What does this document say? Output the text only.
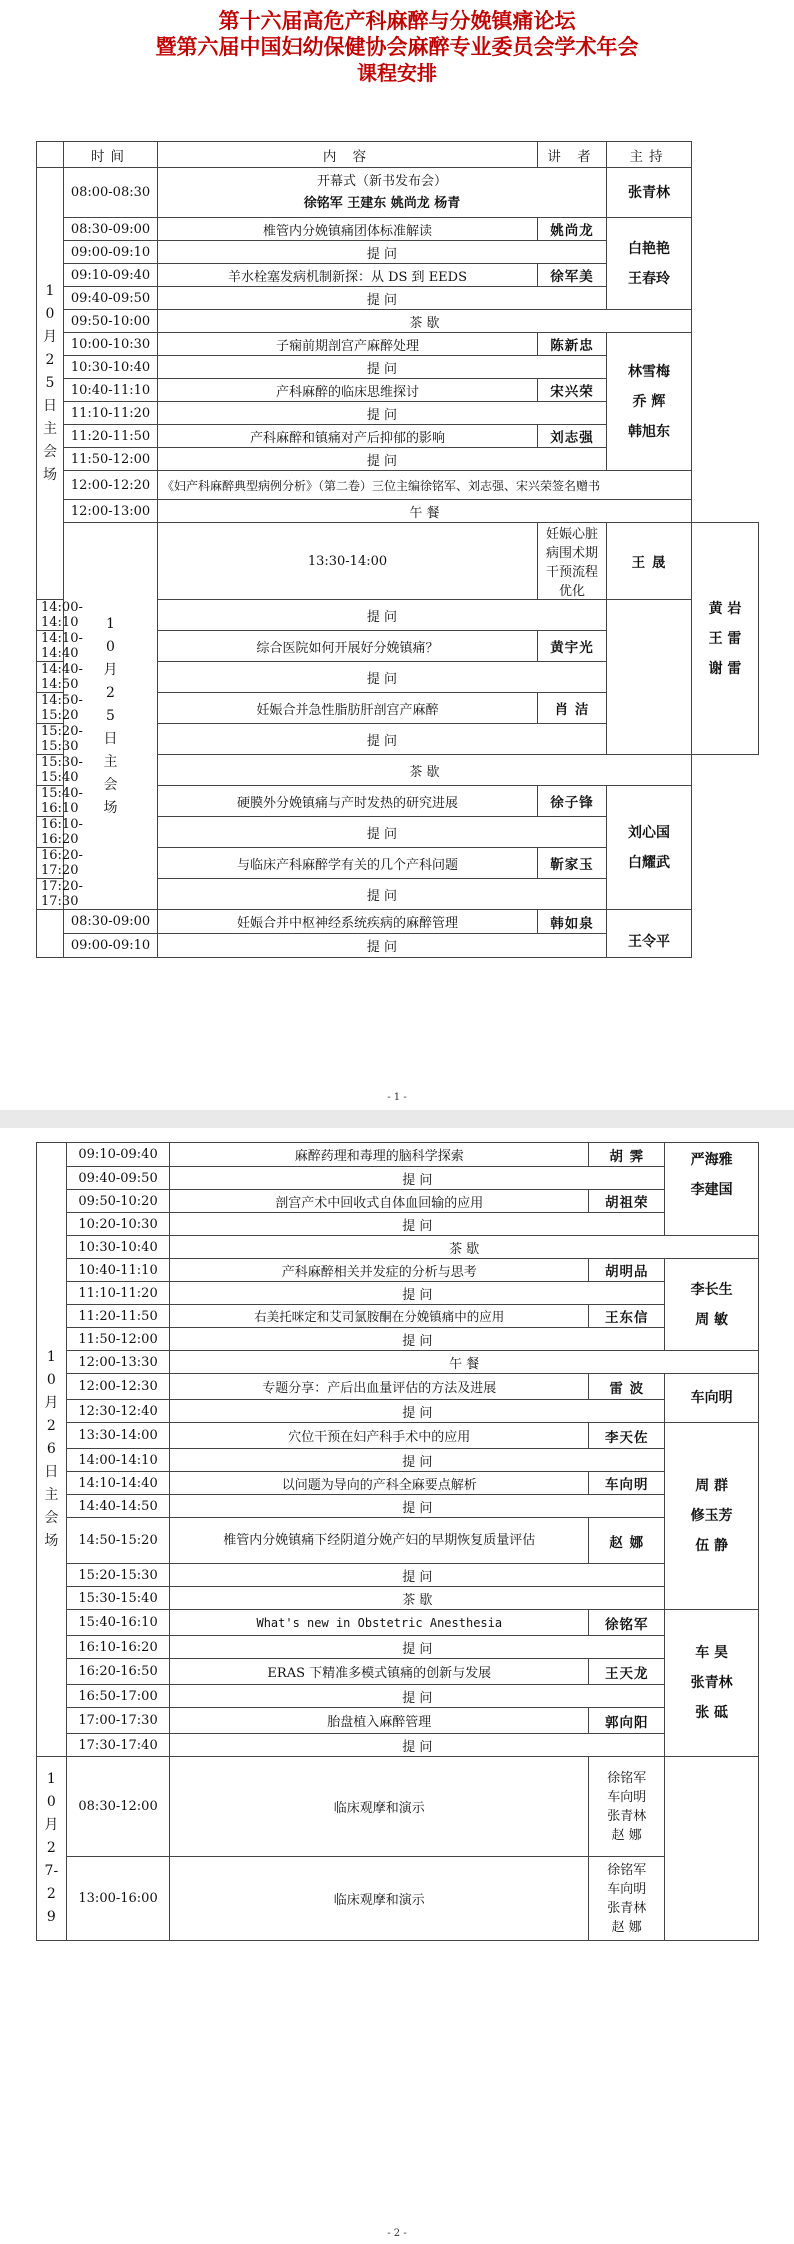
第十六届高危产科麻醉与分娩镇痛论坛
暨第六届中国妇幼保健协会麻醉专业委员会学术年会
课程安排
	时间	内 容	讲 者	主持	
10月25日主会场	08:00-08:30	开幕式（新书发布会）
徐铭军 王建东 姚尚龙 杨青		张青林	
	08:30-09:00	椎管内分娩镇痛团体标准解读	姚尚龙	白艳艳
王春玲	

	09:00-09:10	提 问			
	09:10-09:40	羊水栓塞发病机制新探：从 DS 到 EEDS	徐军美		
	09:40-09:50	提 问			
	09:50-10:00	茶 歇			
	10:00-10:30	子痫前期剖宫产麻醉处理	陈新忠	林雪梅
乔 辉
韩旭东	

	10:30-10:40	提 问			
	10:40-11:10	产科麻醉的临床思维探讨	宋兴荣		
	11:10-11:20	提 问			
	11:20-11:50	产科麻醉和镇痛对产后抑郁的影响	刘志强		
	11:50-12:00	提 问			
	12:00-12:20	《妇产科麻醉典型病例分析》（第二卷）三位主编徐铭军、刘志强、宋兴荣签名赠书			
	12:00-13:00	午 餐			
	10月25日主会场	13:30-14:00	妊娠心脏病围术期干预流程优化	王 晟	黄 岩
王 雷
谢 雷

14:00-14:10		提 问			
14:10-14:40		综合医院如何开展好分娩镇痛？	黄宇光		
14:40-14:50		提 问			
14:50-15:20		妊娠合并急性脂肪肝剖宫产麻醉	肖 洁		
15:20-15:30		提 问			
15:30-15:40		茶 歇			
15:40-16:10		硬膜外分娩镇痛与产时发热的研究进展	徐子锋	刘心国
白耀武	

16:10-16:20		提 问			
16:20-17:20		与临床产科麻醉学有关的几个产科问题	靳家玉		
17:20-17:30		提 问			
	08:30-09:00	妊娠合并中枢神经系统疾病的麻醉管理	韩如泉	王令平	

	09:00-09:10	提 问			
- 1 -
10月26日主会场	09:10-09:40	麻醉药理和毒理的脑科学探索	胡 霁	严海雅
李建国

	09:40-09:50	提 问		
	09:50-10:20	剖宫产术中回收式自体血回输的应用	胡祖荣	
	10:20-10:30	提 问		
	10:30-10:40	茶 歇		
	10:40-11:10	产科麻醉相关并发症的分析与思考	胡明品	李长生
周 敏

	11:10-11:20	提 问		
	11:20-11:50	右美托咪定和艾司氯胺酮在分娩镇痛中的应用	王东信	
	11:50-12:00	提 问		
	12:00-13:30	午 餐		
	12:00-12:30	专题分享：产后出血量评估的方法及进展	雷 波	车向明

	12:30-12:40	提 问		
	13:30-14:00	穴位干预在妇产科手术中的应用	李天佐	周 群
修玉芳
伍 静

	14:00-14:10	提 问		
	14:10-14:40	以问题为导向的产科全麻要点解析	车向明	
	14:40-14:50	提 问		
	14:50-15:20	椎管内分娩镇痛下经阴道分娩产妇的早期恢复质量评估	赵 娜	
	15:20-15:30	提 问		
	15:30-15:40	茶 歇		
	15:40-16:10	What's new in Obstetric Anesthesia	徐铭军	车 昊
张青林
张 砥

	16:10-16:20	提 问		
	16:20-16:50	ERAS 下精准多模式镇痛的创新与发展	王天龙	
	16:50-17:00	提 问		
	17:00-17:30	胎盘植入麻醉管理	郭向阳	
	17:30-17:40	提 问		
10月27-29	08:30-12:00	临床观摩和演示	徐铭军
车向明
张青林
赵 娜	

	13:00-16:00	临床观摩和演示	徐铭军
车向明
张青林
赵 娜	
- 2 -
